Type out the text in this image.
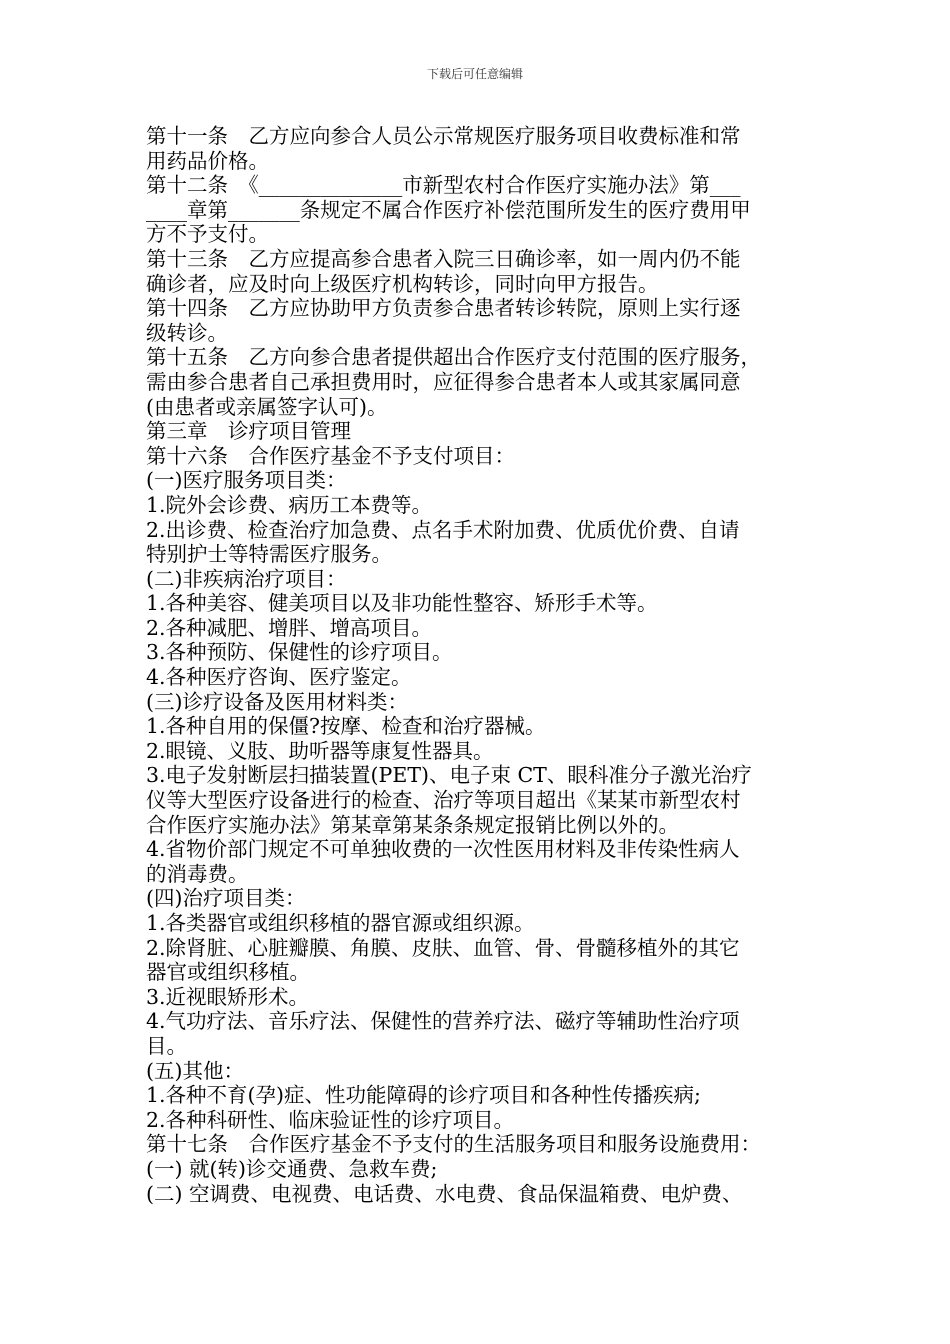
下载后可任意编辑
第十一条　乙方应向参合人员公示常规医疗服务项目收费标准和常
用药品价格。
第十二条　《______________市新型农村合作医疗实施办法》第___
____章第_______条规定不属合作医疗补偿范围所发生的医疗费用甲
方不予支付。
第十三条　乙方应提高参合患者入院三日确诊率，如一周内仍不能
确诊者，应及时向上级医疗机构转诊，同时向甲方报告。
第十四条　乙方应协助甲方负责参合患者转诊转院，原则上实行逐
级转诊。
第十五条　乙方向参合患者提供超出合作医疗支付范围的医疗服务，
需由参合患者自己承担费用时，应征得参合患者本人或其家属同意
(由患者或亲属签字认可)。
第三章　诊疗项目管理
第十六条　合作医疗基金不予支付项目：
(一)医疗服务项目类：
1.院外会诊费、病历工本费等。
2.出诊费、检查治疗加急费、点名手术附加费、优质优价费、自请
特别护士等特需医疗服务。
(二)非疾病治疗项目：
1.各种美容、健美项目以及非功能性整容、矫形手术等。
2.各种减肥、增胖、增高项目。
3.各种预防、保健性的诊疗项目。
4.各种医疗咨询、医疗鉴定。
(三)诊疗设备及医用材料类：
1.各种自用的保僵?按摩、检查和治疗器械。
2.眼镜、义肢、助听器等康复性器具。
3.电子发射断层扫描装置(PET)、电子束 CT、眼科准分子激光治疗
仪等大型医疗设备进行的检查、治疗等项目超出《某某市新型农村
合作医疗实施办法》第某章第某条条规定报销比例以外的。
4.省物价部门规定不可单独收费的一次性医用材料及非传染性病人
的消毒费。
(四)治疗项目类：
1.各类器官或组织移植的器官源或组织源。
2.除肾脏、心脏瓣膜、角膜、皮肤、血管、骨、骨髓移植外的其它
器官或组织移植。
3.近视眼矫形术。
4.气功疗法、音乐疗法、保健性的营养疗法、磁疗等辅助性治疗项
目。
(五)其他：
1.各种不育(孕)症、性功能障碍的诊疗项目和各种性传播疾病;
2.各种科研性、临床验证性的诊疗项目。
第十七条　合作医疗基金不予支付的生活服务项目和服务设施费用：
(一) 就(转)诊交通费、急救车费;
(二) 空调费、电视费、电话费、水电费、食品保温箱费、电炉费、
